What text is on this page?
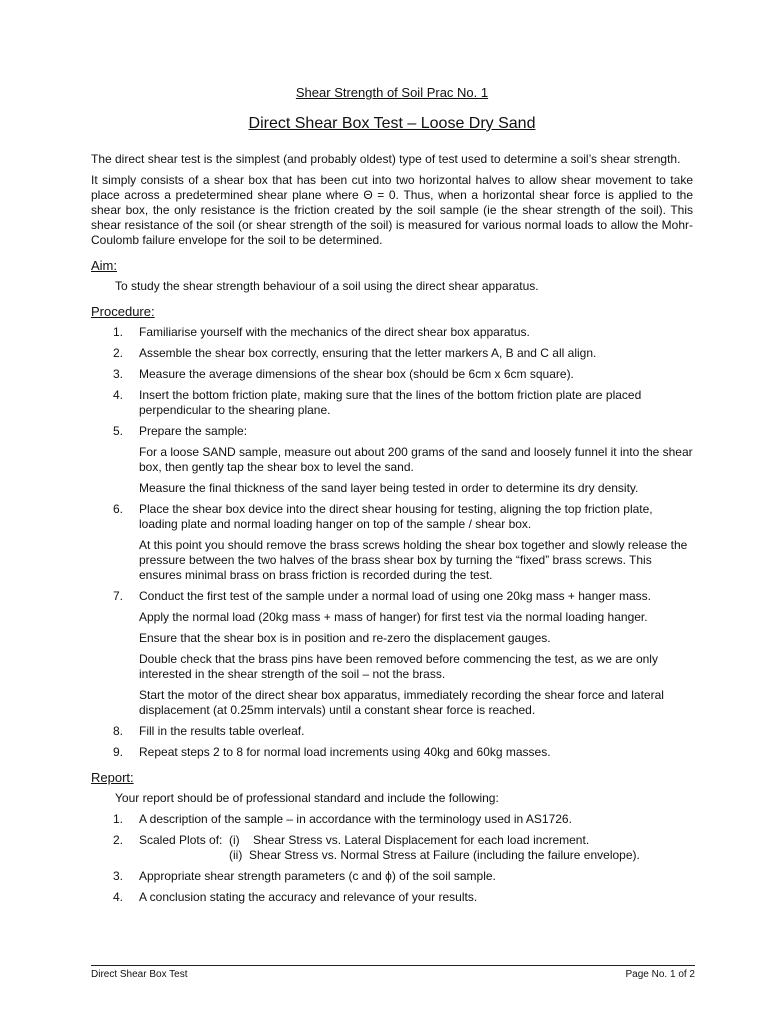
Shear Strength of Soil Prac No. 1
Direct Shear Box Test – Loose Dry Sand

The direct shear test is the simplest (and probably oldest) type of test used to determine a soil’s shear strength.

It simply consists of a shear box that has been cut into two horizontal halves to allow shear movement to take place across a predetermined shear plane where Θ = 0. Thus, when a horizontal shear force is applied to the shear box, the only resistance is the friction created by the soil sample (ie the shear strength of the soil). This shear resistance of the soil (or shear strength of the soil) is measured for various normal loads to allow the Mohr-Coulomb failure envelope for the soil to be determined.

Aim:
To study the shear strength behaviour of a soil using the direct shear apparatus.
Procedure:
1. Familiarise yourself with the mechanics of the direct shear box apparatus.
2. Assemble the shear box correctly, ensuring that the letter markers A, B and C all align.
3. Measure the average dimensions of the shear box (should be 6cm x 6cm square).
4. Insert the bottom friction plate, making sure that the lines of the bottom friction plate are placed perpendicular to the shearing plane.
5. Prepare the sample:
For a loose SAND sample, measure out about 200 grams of the sand and loosely funnel it into the shear box, then gently tap the shear box to level the sand.
Measure the final thickness of the sand layer being tested in order to determine its dry density.
6. Place the shear box device into the direct shear housing for testing, aligning the top friction plate, loading plate and normal loading hanger on top of the sample / shear box.
At this point you should remove the brass screws holding the shear box together and slowly release the pressure between the two halves of the brass shear box by turning the “fixed” brass screws. This ensures minimal brass on brass friction is recorded during the test.
7. Conduct the first test of the sample under a normal load of using one 20kg mass + hanger mass.
Apply the normal load (20kg mass + mass of hanger) for first test via the normal loading hanger.
Ensure that the shear box is in position and re-zero the displacement gauges.
Double check that the brass pins have been removed before commencing the test, as we are only interested in the shear strength of the soil – not the brass.
Start the motor of the direct shear box apparatus, immediately recording the shear force and lateral displacement (at 0.25mm intervals) until a constant shear force is reached.
8. Fill in the results table overleaf.
9. Repeat steps 2 to 8 for normal load increments using 40kg and 60kg masses.
Report:
Your report should be of professional standard and include the following:
1. A description of the sample – in accordance with the terminology used in AS1726.
2. Scaled Plots of: (i)    Shear Stress vs. Lateral Displacement for each load increment.
(ii)  Shear Stress vs. Normal Stress at Failure (including the failure envelope).
3. Appropriate shear strength parameters (c and ϕ) of the soil sample.
4. A conclusion stating the accuracy and relevance of your results.
Direct Shear Box Test	Page No. 1 of 2
